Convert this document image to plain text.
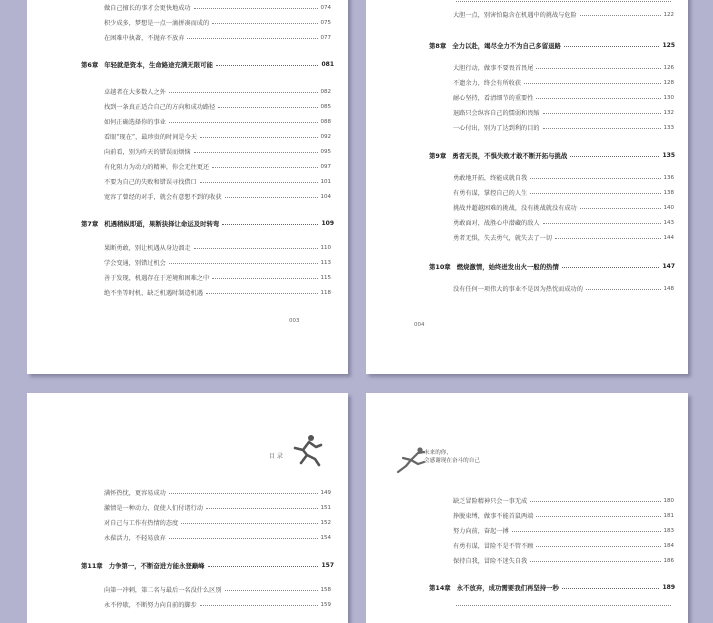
做自己擅长的事才会更快地成功	074
积少成多，梦想是一点一滴拼凑而成的	075
在困难中执著，不抛弃不放弃	077
第6章 年轻就是资本，生命路途充满无限可能	081
卓越者在大多数人之外	082
找到一条真正适合自己的方向和成功路径	085
如何正确选择你的事业	088
看眼“现在”，最珍贵的时间是今天	092
向前看，别为昨天的错误而烦恼	095
有化阻力为动力的精神，你会无往更还	097
不要为自己的失败和错误寻找借口	101
宽容了曾经的对手，就会有意想不到的收获	104
第7章 机遇稍纵即逝，果断抉择让命运及时转弯	109
果断勇敢，别让机遇从身边溜走	110
学会变通，别错过机会	113
善于发现，机遇存在于逆境和困难之中	115
绝不坐等时机，缺乏机遇时制造机遇	118
003
大胆一点，别害怕隐含在机遇中的挑战与危险	122
第8章 全力以赴，竭尽全力不为自己多留退路	125
大胆行动，做事不要畏首畏尾	126
不遗余力，终会有所收获	128
耐心坚持，看清细节的重要性	130
退路只会纵容自己的懦弱和畏缩	132
一心付出，别为了达到利的目的	133
第9章 勇者无畏，不惧失败才敢不断开拓与挑战	135
勇敢地开拓，终能成就自我	136
有勇有谋，掌控自己的人生	138
挑战并超越困难的挑战，没有挑战就没有成功	140
勇敢面对，战胜心中潜藏的敌人	143
勇者无惧，失去勇气，就失去了一切	144
第10章 燃烧激情，始终迸发出火一般的热情	147
没有任何一项伟大的事业不是因为热忱而成功的	148
004
目 录
满怀热忱，更容易成功	149
激情是一种动力，促使人们付诸行动	151
对自己与工作有热情的态度	152
永葆活力，不轻易放弃	154
第11章 力争第一，不断奋进方能永登巅峰	157
向第一冲刺，第二名与最后一名没什么区别	158
永不停歇，不断努力向自前的脚步	159
未来的你，
会感谢现在奋斗的自己
缺乏冒险精神只会一事无成	180
挣脱束缚，做事不能首鼠两端	181
努力向前，奋起一搏	183
有勇有谋，冒险不是不管不顾	184
保持自我，冒险不迷失自我	186
第14章 永不放弃，成功需要我们再坚持一秒	189
